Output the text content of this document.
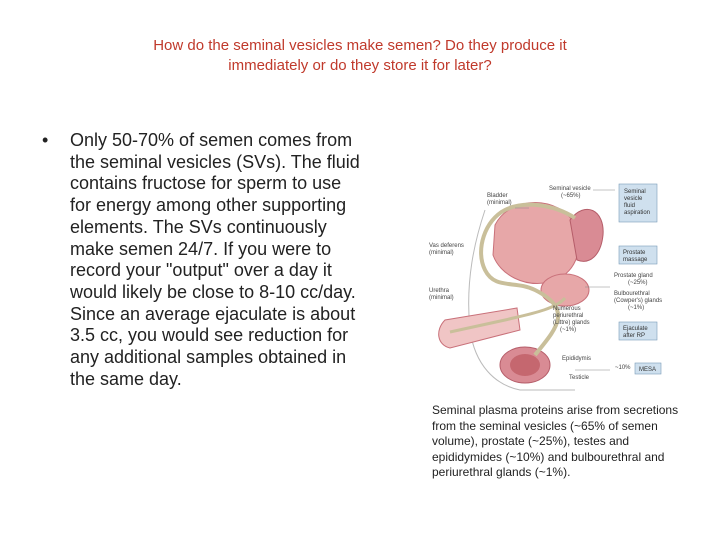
How do the seminal vesicles make semen? Do they produce it
immediately or do they store it for later?
• Only 50-70% of semen comes from the seminal vesicles (SVs). The fluid contains fructose for sperm to use for energy among other supporting elements. The SVs continuously make semen 24/7. If you were to record your "output" over a day it would likely be close to 8-10 cc/day. Since an average ejaculate is about 3.5 cc, you would see reduction for any additional samples obtained in the same day.
Bladder
(minimal)
Seminal vesicle
(~65%)
Vas deferens
(minimal)
Urethra
(minimal)
Prostate gland
(~25%)
Bulbourethral
(Cowper's) glands
(~1%)
Numerous
periurethral
(Littre) glands
(~1%)
Epididymis
Testicle
~10%
Seminal
vesicle
fluid
aspiration
Prostate
massage
Ejaculate
after RP
MESA
Seminal plasma proteins arise from secretions from the seminal vesicles (~65% of semen volume), prostate (~25%), testes and epididymides (~10%) and bulbourethral and periurethral glands (~1%).
